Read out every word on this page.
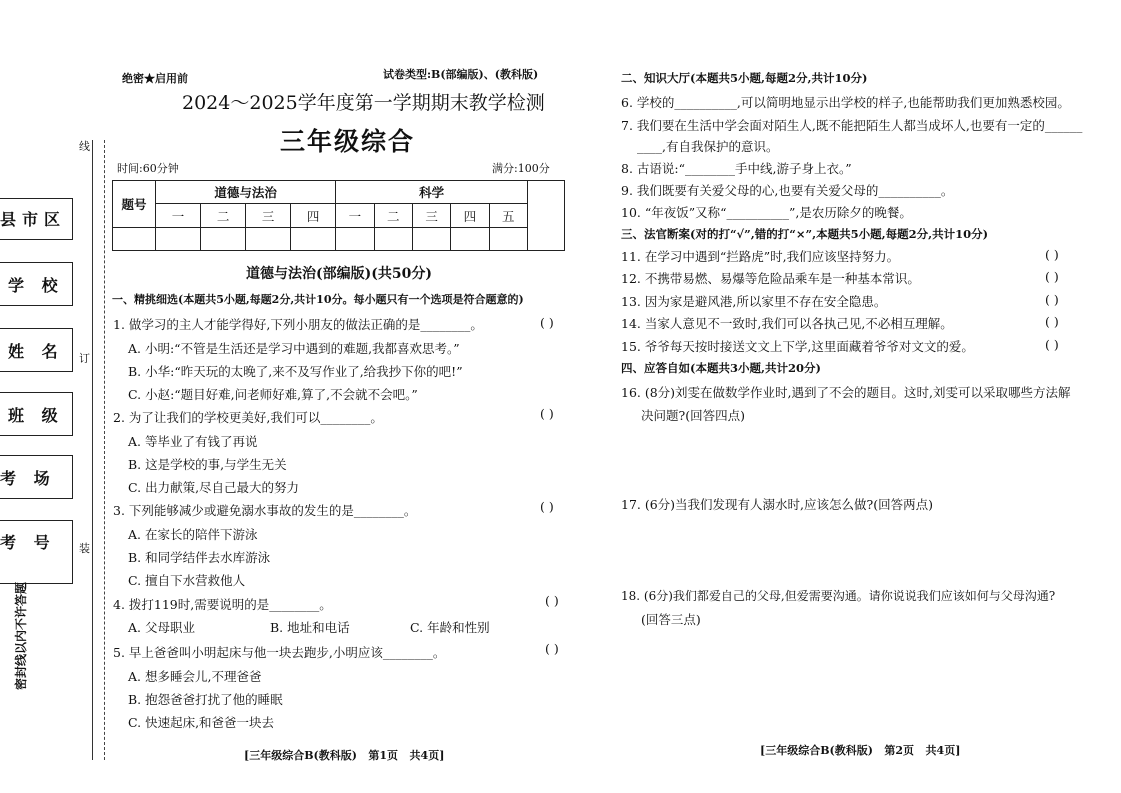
县市区
学 校
姓 名
班 级
考 场
考 号
线
订
装
密封线以内不许答题
绝密★启用前	试卷类型:B(部编版)、(教科版)
2024～2025学年度第一学期期末教学检测
三年级综合
时间:60分钟	满分:100分
题号	道德与法治				科学					
	一	二	三	四	一	二	三	四	五	

道德与法治(部编版)(共50分)
一、精挑细选(本题共5小题,每题2分,共计10分。每小题只有一个选项是符合题意的)
1. 做学习的主人才能学得好,下列小朋友的做法正确的是________。	( )
A. 小明:“不管是生活还是学习中遇到的难题,我都喜欢思考。”
B. 小华:“昨天玩的太晚了,来不及写作业了,给我抄下你的吧!”
C. 小赵:“题目好难,问老师好难,算了,不会就不会吧。”
2. 为了让我们的学校更美好,我们可以________。	( )
A. 等毕业了有钱了再说
B. 这是学校的事,与学生无关
C. 出力献策,尽自己最大的努力
3. 下列能够减少或避免溺水事故的发生的是________。	( )
A. 在家长的陪伴下游泳
B. 和同学结伴去水库游泳
C. 擅自下水营救他人
4. 拨打119时,需要说明的是________。	( )
A. 父母职业	B. 地址和电话	C. 年龄和性别
5. 早上爸爸叫小明起床与他一块去跑步,小明应该________。	( )
A. 想多睡会儿,不理爸爸
B. 抱怨爸爸打扰了他的睡眠
C. 快速起床,和爸爸一块去
[三年级综合B(教科版)   第1页   共4页]
二、知识大厅(本题共5小题,每题2分,共计10分)
6. 学校的__________,可以简明地显示出学校的样子,也能帮助我们更加熟悉校园。
7. 我们要在生活中学会面对陌生人,既不能把陌生人都当成坏人,也要有一定的______
____,有自我保护的意识。
8. 古语说:“________手中线,游子身上衣。”
9. 我们既要有关爱父母的心,也要有关爱父母的__________。
10. “年夜饭”又称“__________”,是农历除夕的晚餐。
三、法官断案(对的打“√”,错的打“×”,本题共5小题,每题2分,共计10分)
11. 在学习中遇到“拦路虎”时,我们应该坚持努力。	( )
12. 不携带易燃、易爆等危险品乘车是一种基本常识。	( )
13. 因为家是避风港,所以家里不存在安全隐患。	( )
14. 当家人意见不一致时,我们可以各执己见,不必相互理解。	( )
15. 爷爷每天按时接送文文上下学,这里面藏着爷爷对文文的爱。	( )
四、应答自如(本题共3小题,共计20分)
16. (8分)刘雯在做数学作业时,遇到了不会的题目。这时,刘雯可以采取哪些方法解
决问题?(回答四点)
17. (6分)当我们发现有人溺水时,应该怎么做?(回答两点)
18. (6分)我们都爱自己的父母,但爱需要沟通。请你说说我们应该如何与父母沟通?
(回答三点)
[三年级综合B(教科版)   第2页   共4页]
